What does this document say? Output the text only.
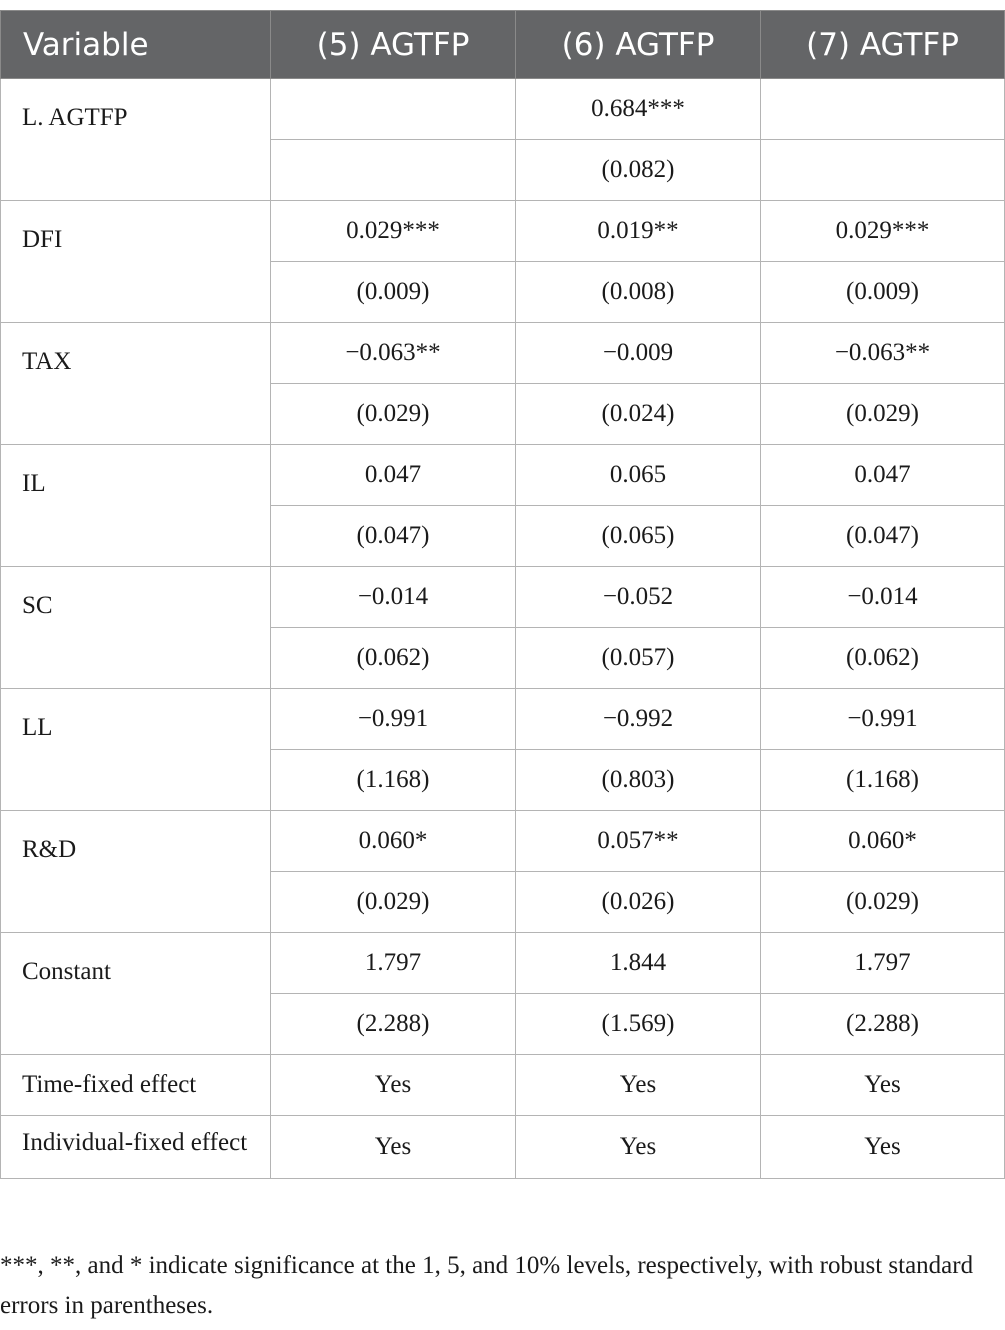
Variable	(5) AGTFP	(6) AGTFP	(7) AGTFP
L. AGTFP		0.684***	
		(0.082)	
DFI	0.029***	0.019**	0.029***
	(0.009)	(0.008)	(0.009)
TAX	−0.063**	−0.009	−0.063**
	(0.029)	(0.024)	(0.029)
IL	0.047	0.065	0.047
	(0.047)	(0.065)	(0.047)
SC	−0.014	−0.052	−0.014
	(0.062)	(0.057)	(0.062)
LL	−0.991	−0.992	−0.991
	(1.168)	(0.803)	(1.168)
R&D	0.060*	0.057**	0.060*
	(0.029)	(0.026)	(0.029)
Constant	1.797	1.844	1.797
	(2.288)	(1.569)	(2.288)
Time-fixed effect	Yes	Yes	Yes
Individual-fixed effect	Yes	Yes	Yes
***, **, and * indicate significance at the 1, 5, and 10% levels, respectively, with robust standard errors in parentheses.
